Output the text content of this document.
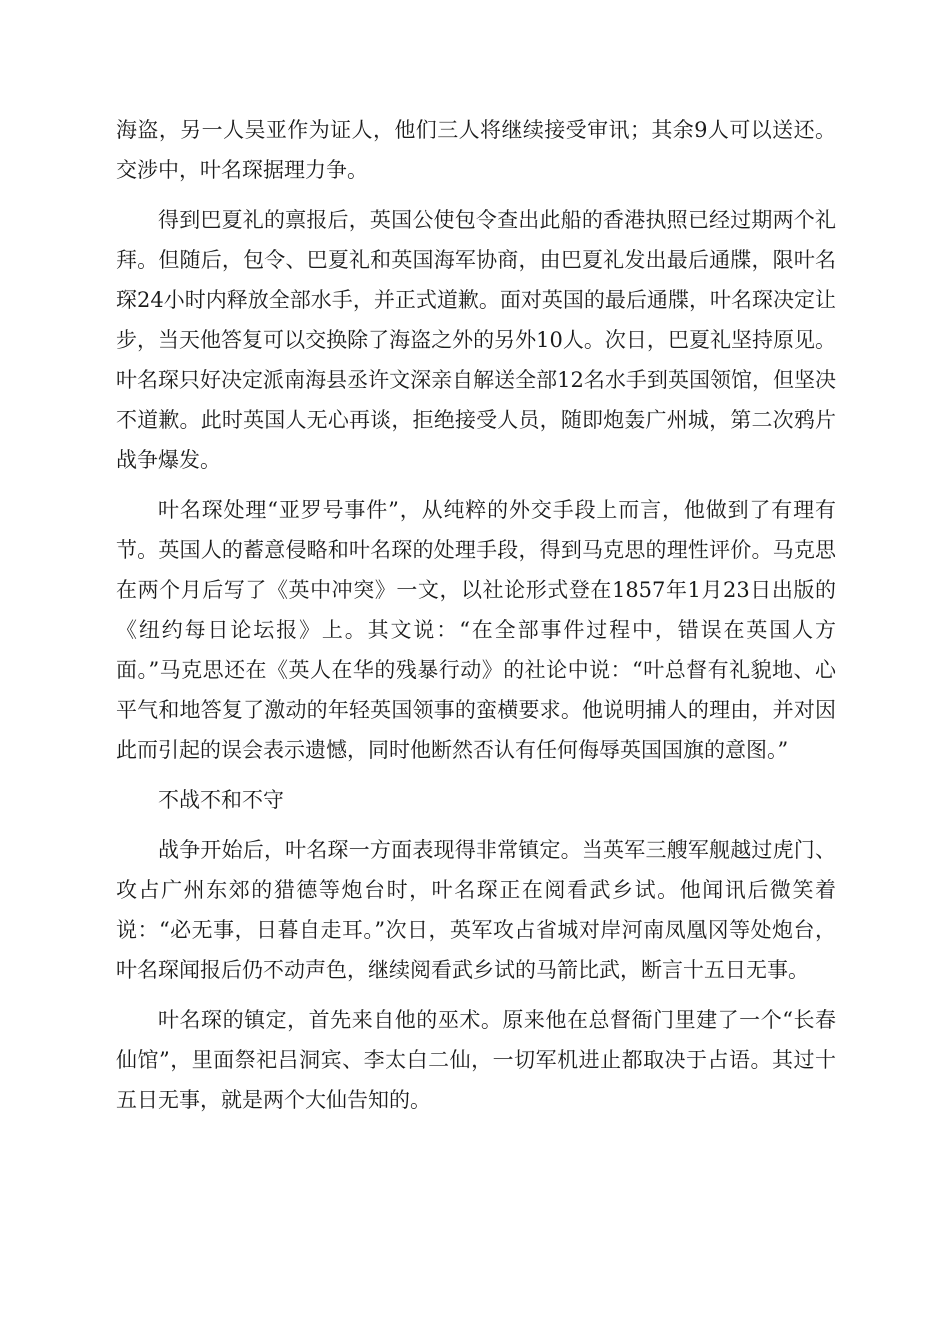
海盗，另一人吴亚作为证人，他们三人将继续接受审讯；其余9人可以送还。交涉中，叶名琛据理力争。

得到巴夏礼的禀报后，英国公使包令查出此船的香港执照已经过期两个礼拜。但随后，包令、巴夏礼和英国海军协商，由巴夏礼发出最后通牒，限叶名琛24小时内释放全部水手，并正式道歉。面对英国的最后通牒，叶名琛决定让步，当天他答复可以交换除了海盗之外的另外10人。次日，巴夏礼坚持原见。叶名琛只好决定派南海县丞许文深亲自解送全部12名水手到英国领馆，但坚决不道歉。此时英国人无心再谈，拒绝接受人员，随即炮轰广州城，第二次鸦片战争爆发。

叶名琛处理“亚罗号事件”，从纯粹的外交手段上而言，他做到了有理有节。英国人的蓄意侵略和叶名琛的处理手段，得到马克思的理性评价。马克思在两个月后写了《英中冲突》一文，以社论形式登在1857年1月23日出版的《纽约每日论坛报》上。其文说：“在全部事件过程中，错误在英国人方面。”马克思还在《英人在华的残暴行动》的社论中说：“叶总督有礼貌地、心平气和地答复了激动的年轻英国领事的蛮横要求。他说明捕人的理由，并对因此而引起的误会表示遗憾，同时他断然否认有任何侮辱英国国旗的意图。”

不战不和不守

战争开始后，叶名琛一方面表现得非常镇定。当英军三艘军舰越过虎门、攻占广州东郊的猎德等炮台时，叶名琛正在阅看武乡试。他闻讯后微笑着说：“必无事，日暮自走耳。”次日，英军攻占省城对岸河南凤凰冈等处炮台，叶名琛闻报后仍不动声色，继续阅看武乡试的马箭比武，断言十五日无事。

叶名琛的镇定，首先来自他的巫术。原来他在总督衙门里建了一个“长春仙馆”，里面祭祀吕洞宾、李太白二仙，一切军机进止都取决于占语。其过十五日无事，就是两个大仙告知的。
